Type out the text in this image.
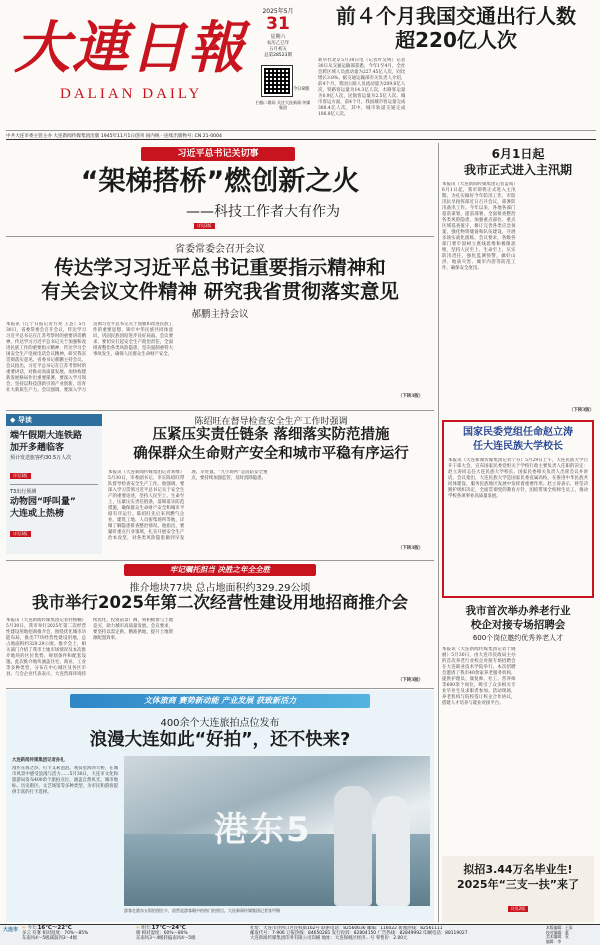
大連日報
DALIAN DAILY
2025年5月
31
星期六
农历乙巳年
五月初五
总第28523期
今日8版
扫描二维码 关注大连新闻 传媒集团
前４个月我国交通出行人数
超220亿人次
新华社北京5月30日电（记者叶昊鸣）记者30日从交通运输部获悉，今年1至4月，全社会跨区域人员流动量为227.45亿人次，同比增长3.8%。据交通运输部有关负责人介绍，前4个月，我国公路人员流动量为209.6亿人次，铁路客运量为14.3亿人次，水路客运量为0.9亿人次，民航客运量为2.5亿人次。城市客运方面，前4个月，我国城市客运量完成388.4亿人次，其中，城市轨道交通完成106.8亿人次。
中共大连市委主管主办 大连新闻传媒集团出版 1945年11月1日创刊 国内统一连续出版物号: CN 21-0004
习近平总书记关切事
“架梯搭桥”燃创新之火
——科技工作者大有作为
详见2版
省委常委会召开会议
传达学习习近平总书记重要指示精神和
有关会议文件精神 研究我省贯彻落实意见
郝鹏主持会议
本报讯（辽宁日报记者方亮 王荟）5月30日，省委常委会召开会议，传达学习习近平总书记在江苏考察时的重要讲话精神，传达学习习近平总书记关于加强和改进民族工作的重要指示精神，传达学习全国安全生产电视电话会议精神，研究我省贯彻落实意见。省委书记郝鹏主持会议。会议指出，习近平总书记在江苏考察时的重要讲话，对推动高质量发展、加快构建新发展格局作出重要部署，要深入学习领会，坚持以科技创新引领产业创新，培育壮大新质生产力。会议强调，要深入学习贯彻习近平总书记关于加强和改进民族工作的重要思想，铸牢中华民族共同体意识，巩固民族团结进步良好局面。会议要求，要切实扛起安全生产政治责任，全面排查整治各类风险隐患，坚决遏制重特大事故发生，确保人民群众生命财产安全。
（下转3版）
◆ 导读
端午假期大连铁路
加开多趟临客
预计发送旅客约30.5万人次
详见3版
T3出行预测
动物园“呼叫量”
大连或上热榜
详见3版
陈绍旺在督导检查安全生产工作时强调
压紧压实责任链条 落细落实防范措施
确保群众生命财产安全和城市平稳有序运行
本报讯（大连新闻传媒集团记者刘维）5月30日，市委副书记、市长陈绍旺带队督导检查安全生产工作。他强调，要深入学习贯彻习近平总书记关于安全生产的重要论述，坚持人民至上、生命至上，压紧压实责任链条，落细落实防范措施，确保群众生命财产安全和城市平稳有序运行。陈绍旺先后来到燃气企业、建筑工地、人员密集场所等地，详细了解隐患排查整治情况。他指出，要紧盯重点行业领域，扎实开展安全生产治本攻坚，对各类风险隐患做到早发现、早处置。“九小场所”是消防安全重点，要持续加强监管，及时消除隐患。
（下转3版）
牢记嘱托担当 决胜之年全全胜
推介地块77块 总占地面积约329.29公顷
我市举行2025年第二次经营性建设用地招商推介会
本报讯（大连新闻传媒集团记者杜杨楠）5月30日，我市举行2025年第二次经营性建设用地招商推介会，围绕优化城市功能布局，推出77块经营性建设用地，总占地面积约329.29公顷。推介会上，相关部门介绍了我市土地市场情况及本次推介地块的区位优势、规划条件和配套设施。此次推介地块涵盖住宅、商业、工业等多种类型，分布在中心城区及各区市县。与会企业代表表示，大连营商环境持续优化，投资前景广阔，将积极参与土地竞买，助力城市高质量发展。会议要求，要坚持以需定供、精准供地，提升土地资源配置效率。
（下转3版）
文体旅商 赛势新动能 产业发展 获致新活力
400余个大连旅拍点位发布
浪漫大连如此“好拍”，还不快来?
大连新闻传媒集团记者孙礼
漫步在海之滨，打卡艾莉泡泡、观赏星海湾大桥，在城市风景中感受浪漫与活力……5月30日，大连市文化和旅游局发布400余个旅拍点位，涵盖自然风光、城市地标、历史街区、文艺场馆等多种类型，为市民和游客提供丰富的打卡选择。
港东5
游客在港东五街拍照打卡，依然是游客眼中的热门拍照点。大连新闻传媒集团记者张甲摄
6月1日起
我市正式进入主汛期
本报讯（大连新闻传媒集团记者孟成）6月1日起，我市即将正式进入主汛期。为扎实做好今年防汛工作，市防汛抗旱指挥部近日召开会议，部署防汛备汛工作。今年以来，各地各部门超前谋划、提前部署，全面排查整治各类风险隐患，加强重点部位、重点区域巡查值守，修订完善各类应急预案，强化物资储备和队伍建设，开展多场实战化演练。会议要求，各级各部门要牢固树立底线思维和极限思维，坚持人民至上、生命至上，压实防汛责任，强化监测预警，做好山洪、地质灾害、城市内涝等防范工作，确保安全度汛。
（下转3版）
国家民委党组任命赵立涛
任大连民族大学校长
本报讯（大连新闻传媒集团记者宁芬）5月29日上午，大连民族大学召开干部大会，宣布国家民委党组关于学校行政主要负责人任职的决定：赵立涛同志任大连民族大学校长。国家民委相关负责人出席会议并讲话。会议指出，大连民族大学是国家民委直属高校，在推进中华民族共同体建设、服务民族地区发展中发挥着重要作用。赵立涛表示，将坚决拥护组织决定，全面贯彻党的教育方针，团结带领全校师生员工，推动学校各项事业高质量发展。
我市首次举办养老行业
校企对接专场招聘会
600个岗位邀约优秀养老人才
本报讯（大连新闻传媒集团记者于晓丽）5月30日，由大连市民政局主办的首次养老行业校企对接专场招聘会在大连职业技术学院举行。本次招聘会邀请了我市40余家养老服务机构，提供护理员、康复师、社工、营养师等600余个岗位，吸引了众多相关专业毕业生及求职者参加。活动现场，养老机构与院校签订校企合作协议，搭建人才培养与就业对接平台。
拟招3.44万名毕业生!
2025年“三支一扶”来了
详见2版
大连市 ☀ 今天:16℃～22℃
多云 有雾 相对湿度：70%～85%
东南风4～5级减弱到3～4级
☀ 明天:17℃～24℃
晴 相对湿度：60%～80%
东南风3～4级转偏南风4～5级
社址：大连市沙河口区民权街162号 联系电话：82560636 邮编：116022 新闻热线：82561111
邮发代号：7-906 订报热线：84650281 发行投诉：82804150 广告热线：82849992 印刷电话：88119027
大连新闻传媒集团印务有限公司印刷 地址：大连保税区经济…号 零售价：2.00元
本版编辑：王雨
校对编辑：董
美术编辑：袁
编辑：李
